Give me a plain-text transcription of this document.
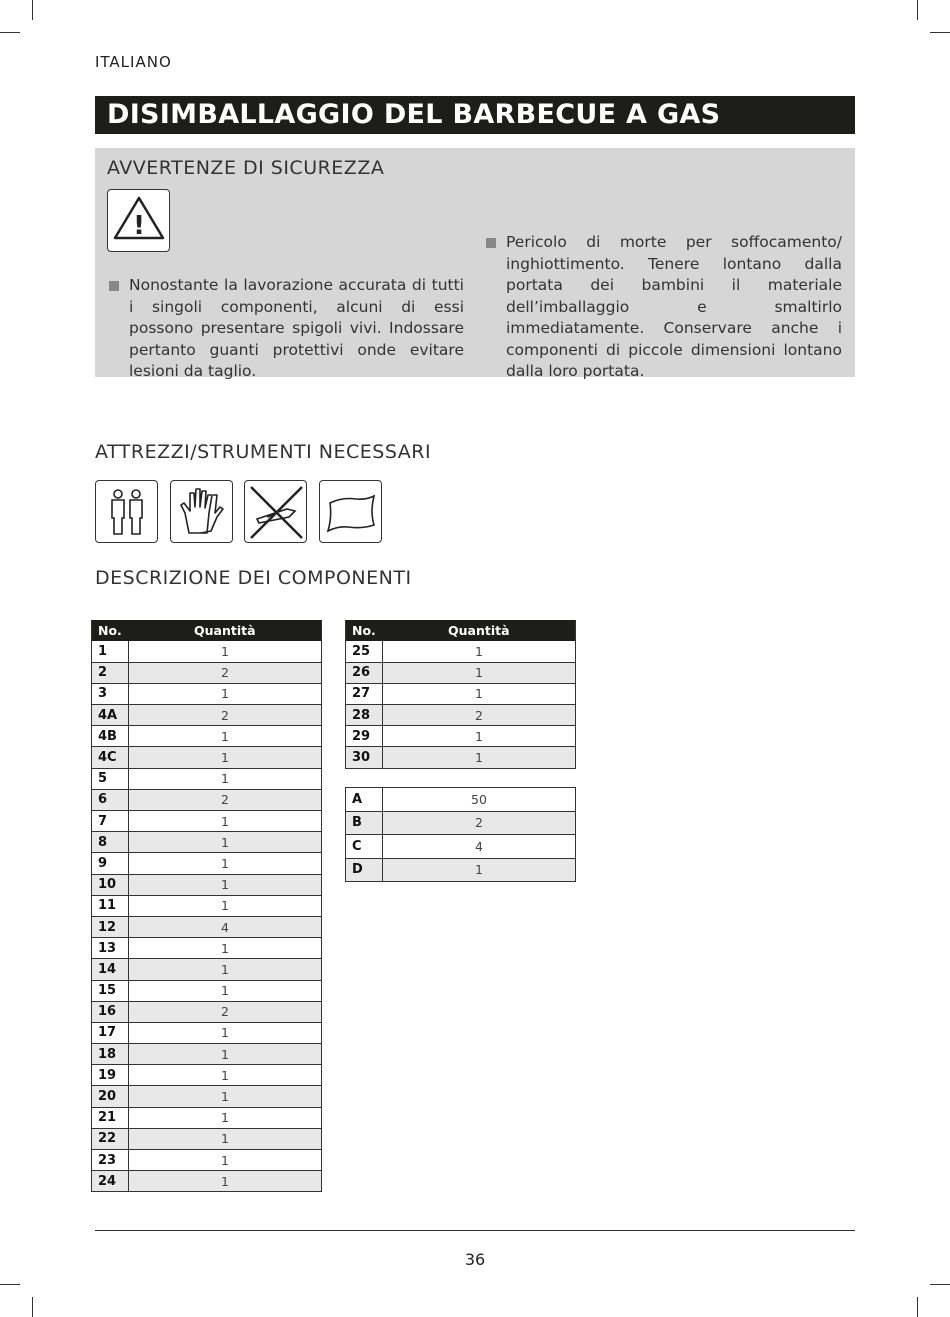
ITALIANO
DISIMBALLAGGIO DEL BARBECUE A GAS
AVVERTENZE DI SICUREZZA
!
Nonostante la lavorazione accurata di tutti i singoli componenti, alcuni di essi possono presentare spigoli vivi. Indossare pertanto guanti protettivi onde evitare lesioni da taglio.
Pericolo di morte per soffocamento/ inghiottimento. Tenere lontano dalla portata dei bambini il materiale dell’imballaggio e smaltirlo immediatamente. Conservare anche i componenti di piccole dimensioni lontano dalla loro portata.
ATTREZZI/STRUMENTI NECESSARI
DESCRIZIONE DEI COMPONENTI
No.	Quantità
1	1
2	2
3	1
4A	2
4B	1
4C	1
5	1
6	2
7	1
8	1
9	1
10	1
11	1
12	4
13	1
14	1
15	1
16	2
17	1
18	1
19	1
20	1
21	1
22	1
23	1
24	1
No.	Quantità
25	1
26	1
27	1
28	2
29	1
30	1
A	50
B	2
C	4
D	1
36
